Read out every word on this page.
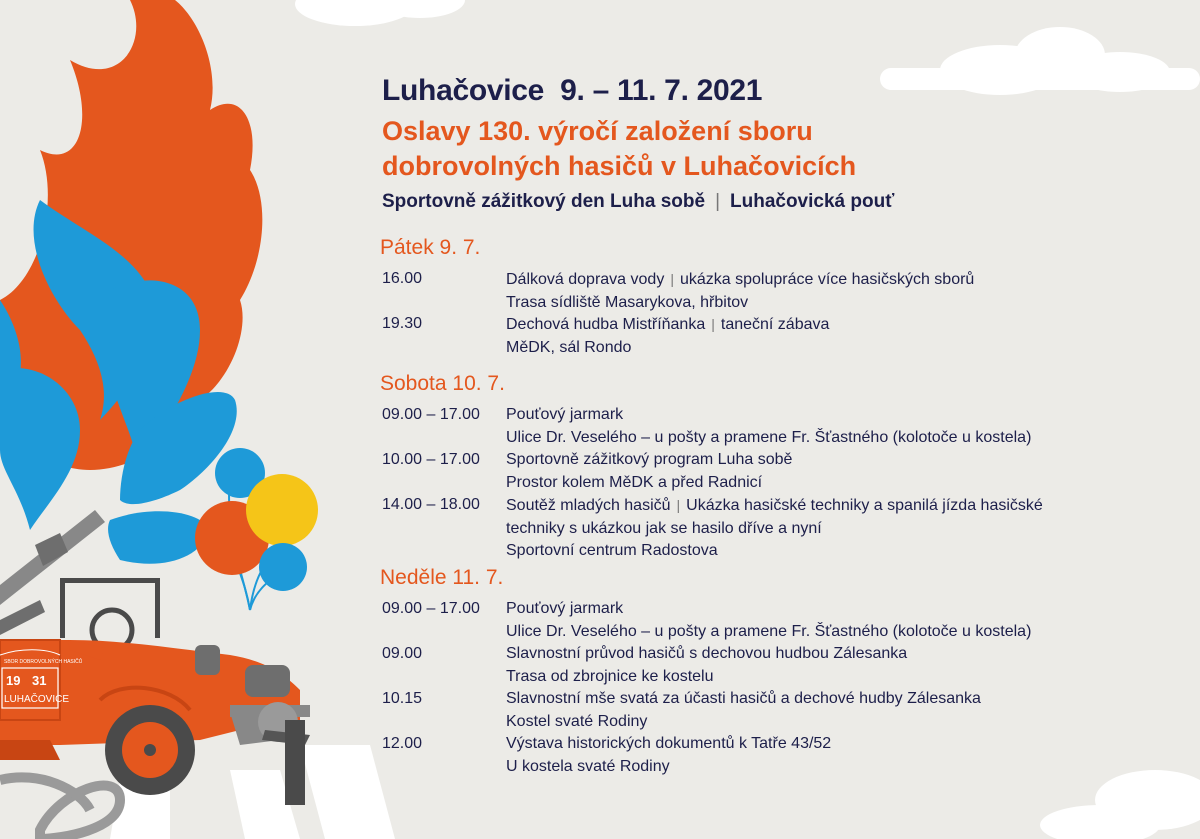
SBOR DOBROVOLNÝCH HASIČŮ
19 31
LUHAČOVICE
Luhačovice  9. – 11. 7. 2021
Oslavy 130. výročí založení sboru
dobrovolných hasičů v Luhačovicích
Sportovně zážitkový den Luha sobě | Luhačovická pouť
Pátek 9. 7.
16.00	Dálková doprava vody | ukázka spolupráce více hasičských sborů
Trasa sídliště Masarykova, hřbitov
19.30	Dechová hudba Mistříňanka | taneční zábava
MěDK, sál Rondo
Sobota 10. 7.
09.00 – 17.00 Pouťový jarmark
Ulice Dr. Veselého – u pošty a pramene Fr. Šťastného (kolotoče u kostela)
10.00 – 17.00 Sportovně zážitkový program Luha sobě
Prostor kolem MěDK a před Radnicí
14.00 – 18.00 Soutěž mladých hasičů | Ukázka hasičské techniky a spanilá jízda hasičské
techniky s ukázkou jak se hasilo dříve a nyní
Sportovní centrum Radostova
Neděle 11. 7.
09.00 – 17.00 Pouťový jarmark
Ulice Dr. Veselého – u pošty a pramene Fr. Šťastného (kolotoče u kostela)
09.00	Slavnostní průvod hasičů s dechovou hudbou Zálesanka
Trasa od zbrojnice ke kostelu
10.15	Slavnostní mše svatá za účasti hasičů a dechové hudby Zálesanka
Kostel svaté Rodiny
12.00	Výstava historických dokumentů k Tatře 43/52
U kostela svaté Rodiny
